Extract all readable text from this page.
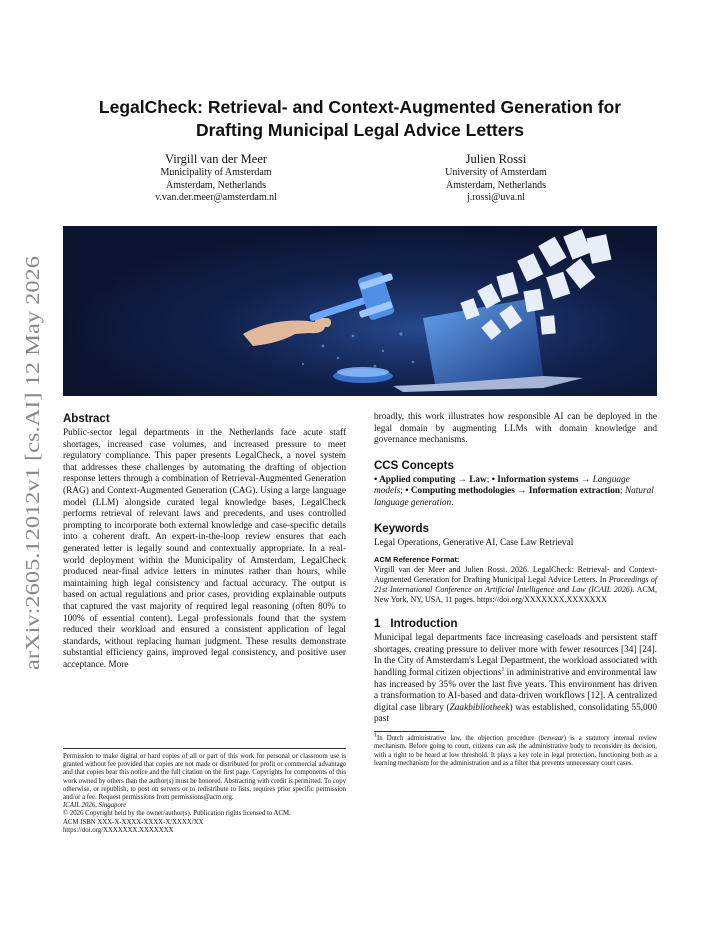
arXiv:2605.12012v1 [cs.AI] 12 May 2026
LegalCheck: Retrieval- and Context-Augmented Generation for
Drafting Municipal Legal Advice Letters
Virgill van der Meer
Municipality of Amsterdam
Amsterdam, Netherlands
v.van.der.meer@amsterdam.nl
Julien Rossi
University of Amsterdam
Amsterdam, Netherlands
j.rossi@uva.nl
Abstract

Public-sector legal departments in the Netherlands face acute staff shortages, increased case volumes, and increased pressure to meet regulatory compliance. This paper presents LegalCheck, a novel system that addresses these challenges by automating the drafting of objection response letters through a combination of Retrieval-Augmented Generation (RAG) and Context-Augmented Generation (CAG). Using a large language model (LLM) alongside curated legal knowledge bases, LegalCheck performs retrieval of relevant laws and precedents, and uses controlled prompting to incorporate both external knowledge and case-specific details into a coherent draft. An expert-in-the-loop review ensures that each generated letter is legally sound and contextually appropriate. In a real-world deployment within the Municipality of Amsterdam, LegalCheck produced near-final advice letters in minutes rather than hours, while maintaining high legal consistency and factual accuracy. The output is based on actual regulations and prior cases, providing explainable outputs that captured the vast majority of required legal reasoning (often 80% to 100% of essential content). Legal professionals found that the system reduced their workload and ensured a consistent application of legal standards, without replacing human judgment. These results demonstrate substantial efficiency gains, improved legal consistency, and positive user acceptance. More

broadly, this work illustrates how responsible AI can be deployed in the legal domain by augmenting LLMs with domain knowledge and governance mechanisms.

CCS Concepts

• Applied computing → Law; • Information systems → Language models; • Computing methodologies → Information extraction; Natural language generation.

Keywords

Legal Operations, Generative AI, Case Law Retrieval

ACM Reference Format:

Virgill van der Meer and Julien Rossi. 2026. LegalCheck: Retrieval- and Context-Augmented Generation for Drafting Municipal Legal Advice Letters. In Proceedings of 21st International Conference on Artificial Intelligence and Law (ICAIL 2026). ACM, New York, NY, USA, 11 pages. https://doi.org/XXXXXXX.XXXXXXX

1 Introduction

Municipal legal departments face increasing caseloads and persistent staff shortages, creating pressure to deliver more with fewer resources [34] [24]. In the City of Amsterdam's Legal Department, the workload associated with handling formal citizen objections$^1$ in administrative and environmental law has increased by 35% over the last five years. This environment has driven a transformation to AI-based and data-driven workflows [12]. A centralized digital case library (Zaakbibliotheek) was established, consolidating 55,000 past

$^1$In Dutch administrative law, the objection procedure (bezwaar) is a statutory internal review mechanism. Before going to court, citizens can ask the administrative body to reconsider its decision, with a right to be heard at low threshold. It plays a key role in legal protection, functioning both as a learning mechanism for the administration and as a filter that prevents unnecessary court cases.

Permission to make digital or hard copies of all or part of this work for personal or classroom use is granted without fee provided that copies are not made or distributed for profit or commercial advantage and that copies bear this notice and the full citation on the first page. Copyrights for components of this work owned by others than the author(s) must be honored. Abstracting with credit is permitted. To copy otherwise, or republish, to post on servers or to redistribute to lists, requires prior specific permission and/or a fee. Request permissions from permissions@acm.org.

ICAIL 2026, Singapore

© 2026 Copyright held by the owner/author(s). Publication rights licensed to ACM.

ACM ISBN XXX-X-XXXX-XXXX-X/XXXX/XX

https://doi.org/XXXXXXX.XXXXXXX
